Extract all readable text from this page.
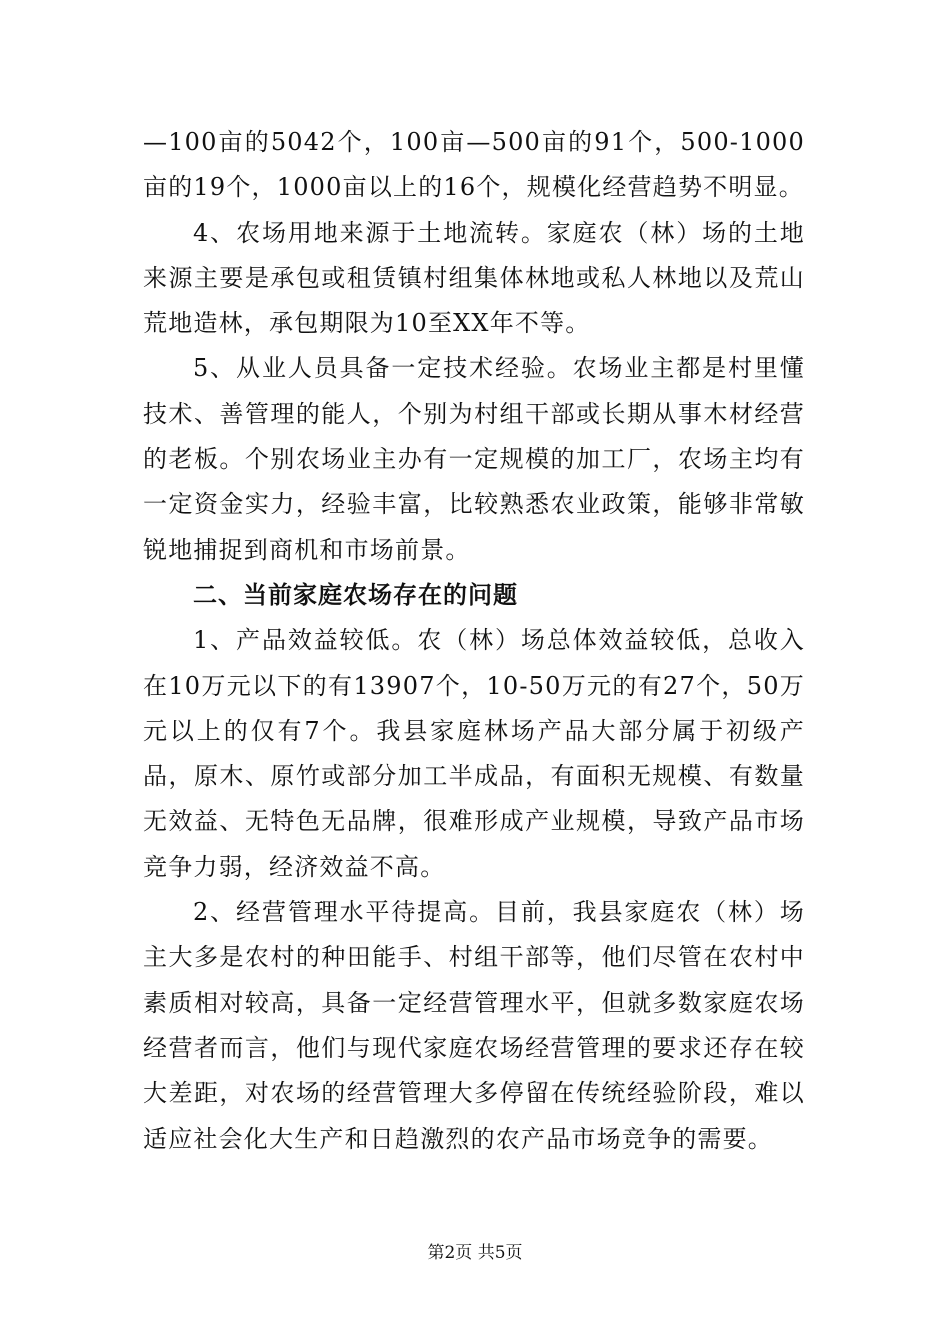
—100亩的5042个，100亩—500亩的91个，500-1000亩的19个，1000亩以上的16个，规模化经营趋势不明显。

4、农场用地来源于土地流转。家庭农（林）场的土地来源主要是承包或租赁镇村组集体林地或私人林地以及荒山荒地造林，承包期限为10至XX年不等。

5、从业人员具备一定技术经验。农场业主都是村里懂技术、善管理的能人，个别为村组干部或长期从事木材经营的老板。个别农场业主办有一定规模的加工厂，农场主均有一定资金实力，经验丰富，比较熟悉农业政策，能够非常敏锐地捕捉到商机和市场前景。

二、当前家庭农场存在的问题

1、产品效益较低。农（林）场总体效益较低，总收入在10万元以下的有13907个，10-50万元的有27个，50万元以上的仅有7个。我县家庭林场产品大部分属于初级产品，原木、原竹或部分加工半成品，有面积无规模、有数量无效益、无特色无品牌，很难形成产业规模，导致产品市场竞争力弱，经济效益不高。

2、经营管理水平待提高。目前，我县家庭农（林）场主大多是农村的种田能手、村组干部等，他们尽管在农村中素质相对较高，具备一定经营管理水平，但就多数家庭农场经营者而言，他们与现代家庭农场经营管理的要求还存在较大差距，对农场的经营管理大多停留在传统经验阶段，难以适应社会化大生产和日趋激烈的农产品市场竞争的需要。

第2页 共5页
